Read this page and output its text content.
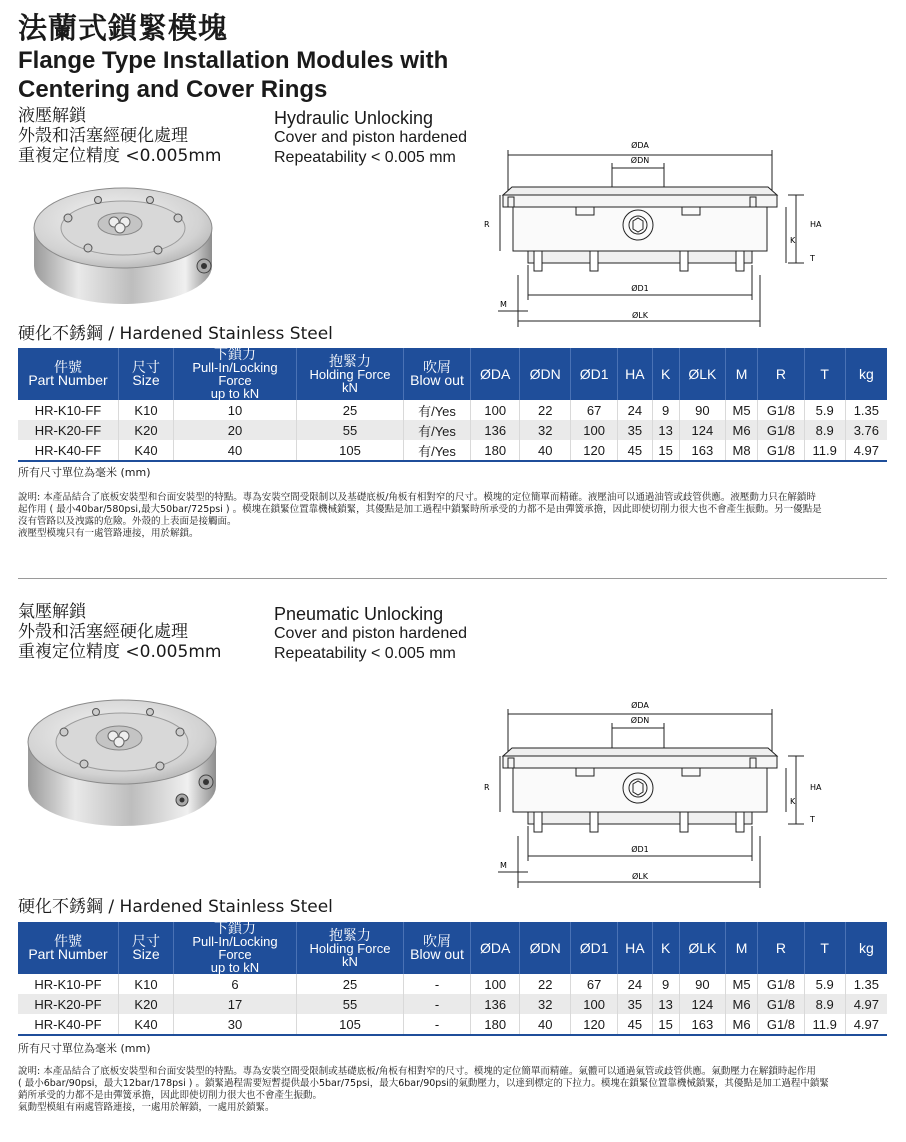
法蘭式鎖緊模塊
Flange Type Installation Modules with
Centering and Cover Rings
液壓解鎖
外殼和活塞經硬化處理
重複定位精度 <0.005mm
Hydraulic Unlocking
Cover and piston hardened
Repeatability < 0.005 mm
ØDA
ØDN
ØD1
ØLK
M
R	HA
K
T
硬化不銹鋼 / Hardened Stainless Steel
件號
Part Number	尺寸
Size	下鎖力
Pull-In/Locking Force
up to kN	抱緊力
Holding Force
kN	吹屑
Blow out	ØDA	ØDN	ØD1	HA	K	ØLK	M	R	T	kg
HR-K10-FF	K10	10	25	有/Yes	100	22	67	24	9	90	M5	G1/8	5.9	1.35
HR-K20-FF	K20	20	55	有/Yes	136	32	100	35	13	124	M6	G1/8	8.9	3.76
HR-K40-FF	K40	40	105	有/Yes	180	40	120	45	15	163	M8	G1/8	11.9	4.97
所有尺寸單位為毫米 (mm)
說明: 本產品結合了底板安裝型和台面安裝型的特點。專為安裝空間受限制以及基礎底板/角板有相對窄的尺寸。模塊的定位簡單而精確。液壓油可以通過油管或歧管供應。液壓動力只在解鎖時
起作用 ( 最小40bar/580psi,最大50bar/725psi ) 。模塊在鎖緊位置靠機械鎖緊，其優點是加工過程中鎖緊時所承受的力都不是由彈簧承擔，因此即使切削力很大也不會產生振動。另一優點是
沒有管路以及洩露的危險。外殼的上表面是接觸面。
液壓型模塊只有一處管路連接，用於解鎖。
氣壓解鎖
外殼和活塞經硬化處理
重複定位精度 <0.005mm
Pneumatic Unlocking
Cover and piston hardened
Repeatability < 0.005 mm
ØDA
ØDN
ØD1
ØLK
M
R	HA
K
T
硬化不銹鋼 / Hardened Stainless Steel
件號
Part Number	尺寸
Size	下鎖力
Pull-In/Locking Force
up to kN	抱緊力
Holding Force
kN	吹屑
Blow out	ØDA	ØDN	ØD1	HA	K	ØLK	M	R	T	kg
HR-K10-PF	K10	6	25	-	100	22	67	24	9	90	M5	G1/8	5.9	1.35
HR-K20-PF	K20	17	55	-	136	32	100	35	13	124	M6	G1/8	8.9	4.97
HR-K40-PF	K40	30	105	-	180	40	120	45	15	163	M6	G1/8	11.9	4.97
所有尺寸單位為毫米 (mm)
說明: 本產品結合了底板安裝型和台面安裝型的特點。專為安裝空間受限制或基礎底板/角板有相對窄的尺寸。模塊的定位簡單而精確。氣體可以通過氣管或歧管供應。氣動壓力在解鎖時起作用
( 最小6bar/90psi，最大12bar/178psi ) 。鎖緊過程需要短暫提供最小5bar/75psi，最大6bar/90psi的氣動壓力，以達到標定的下拉力。模塊在鎖緊位置靠機械鎖緊，其優點是加工過程中鎖緊
銷所承受的力都不是由彈簧承擔，因此即使切削力很大也不會產生振動。
氣動型模組有兩處管路連接，一處用於解鎖，一處用於鎖緊。
